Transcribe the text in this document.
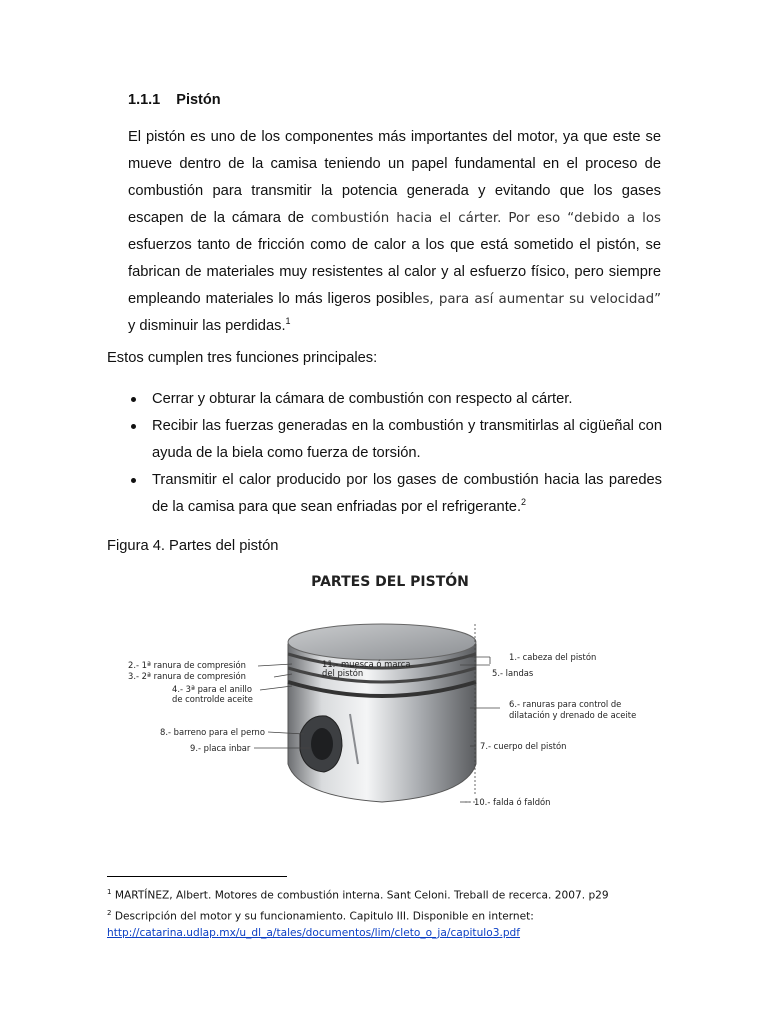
1.1.1 Pistón

El pistón es uno de los componentes más importantes del motor, ya que este se mueve dentro de la camisa teniendo un papel fundamental en el proceso de combustión para transmitir la potencia generada y evitando que los gases escapen de la cámara de combustión hacia el cárter. Por eso “debido a los esfuerzos tanto de fricción como de calor a los que está sometido el pistón, se fabrican de materiales muy resistentes al calor y al esfuerzo físico, pero siempre empleando materiales lo más ligeros posibles, para así aumentar su velocidad” y disminuir las perdidas.$^1$

Estos cumplen tres funciones principales:

Cerrar y obturar la cámara de combustión con respecto al cárter.
Recibir las fuerzas generadas en la combustión y transmitirlas al cigüeñal con ayuda de la biela como fuerza de torsión.
Transmitir el calor producido por los gases de combustión hacia las paredes de la camisa para que sean enfriadas por el refrigerante.$^2$

Figura 4. Partes del pistón

PARTES DEL PISTÓN
2.- 1ª ranura de compresión
3.- 2ª ranura de compresión
4.- 3ª para el anillo
de controlde aceite
8.- barreno para el perno
9.- placa inbar
11.- muesca ó marca
del pistón
1.- cabeza del pistón
5.- landas
6.- ranuras para control de
dilatación y drenado de aceite
7.- cuerpo del pistón
10.- falda ó faldón
$^1$ MARTÍNEZ, Albert. Motores de combustión interna. Sant Celoni. Treball de recerca. 2007. p29
$^2$ Descripción del motor y su funcionamiento. Capitulo III. Disponible en internet:
http://catarina.udlap.mx/u_dl_a/tales/documentos/lim/cleto_o_ja/capitulo3.pdf
